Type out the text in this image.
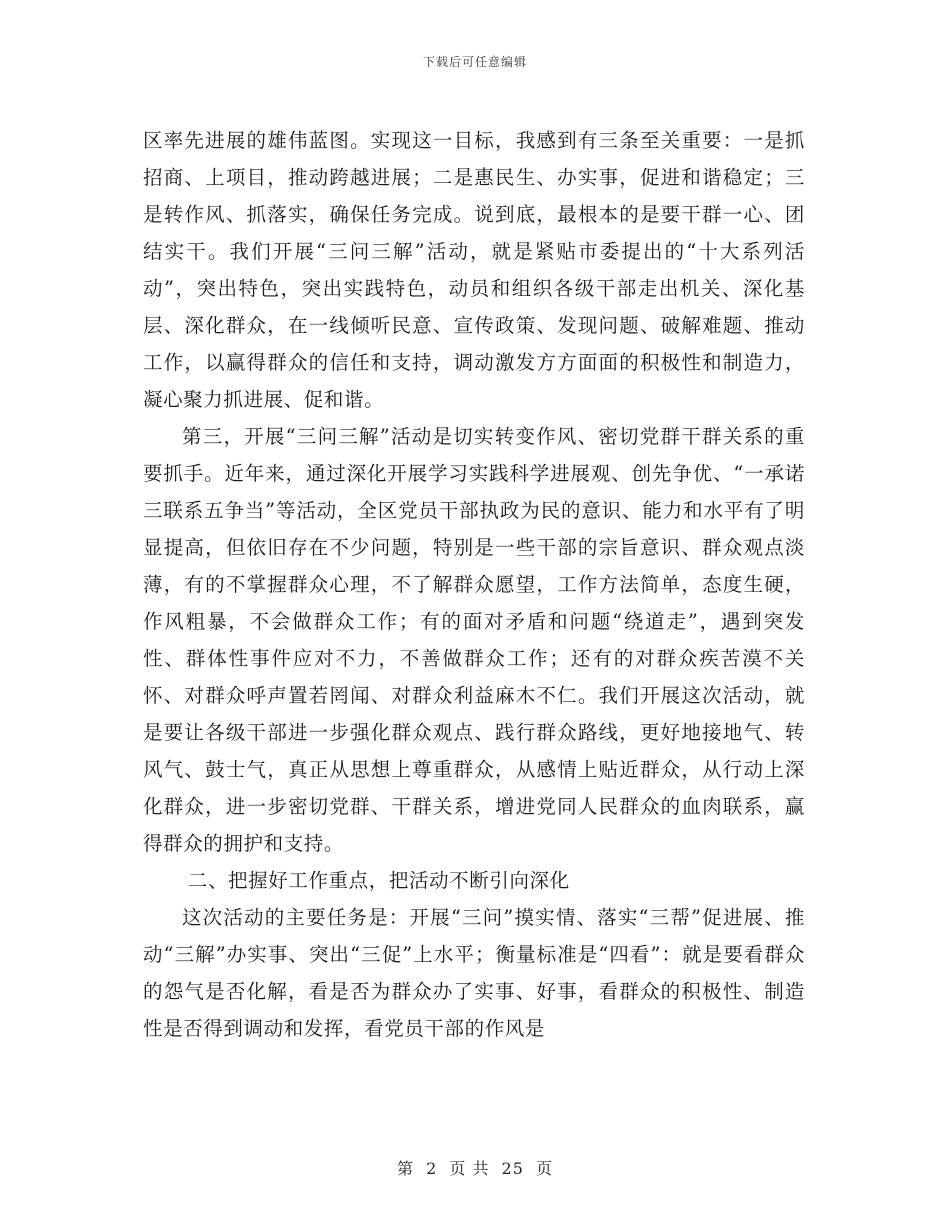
下载后可任意编辑

区率先进展的雄伟蓝图。实现这一目标，我感到有三条至关重要：一是抓招商、上项目，推动跨越进展；二是惠民生、办实事，促进和谐稳定；三是转作风、抓落实，确保任务完成。说到底，最根本的是要干群一心、团结实干。我们开展“三问三解”活动，就是紧贴市委提出的“十大系列活动”，突出特色，突出实践特色，动员和组织各级干部走出机关、深化基层、深化群众，在一线倾听民意、宣传政策、发现问题、破解难题、推动工作，以赢得群众的信任和支持，调动激发方方面面的积极性和制造力，凝心聚力抓进展、促和谐。

第三，开展“三问三解”活动是切实转变作风、密切党群干群关系的重要抓手。近年来，通过深化开展学习实践科学进展观、创先争优、“一承诺三联系五争当”等活动，全区党员干部执政为民的意识、能力和水平有了明显提高，但依旧存在不少问题，特别是一些干部的宗旨意识、群众观点淡薄，有的不掌握群众心理，不了解群众愿望，工作方法简单，态度生硬，作风粗暴，不会做群众工作；有的面对矛盾和问题“绕道走”，遇到突发性、群体性事件应对不力，不善做群众工作；还有的对群众疾苦漠不关怀、对群众呼声置若罔闻、对群众利益麻木不仁。我们开展这次活动，就是要让各级干部进一步强化群众观点、践行群众路线，更好地接地气、转风气、鼓士气，真正从思想上尊重群众，从感情上贴近群众，从行动上深化群众，进一步密切党群、干群关系，增进党同人民群众的血肉联系，赢得群众的拥护和支持。

二、把握好工作重点，把活动不断引向深化

这次活动的主要任务是：开展“三问”摸实情、落实“三帮”促进展、推动“三解”办实事、突出“三促”上水平；衡量标准是“四看”：就是要看群众的怨气是否化解，看是否为群众办了实事、好事，看群众的积极性、制造性是否得到调动和发挥，看党员干部的作风是

第 2 页 共 25 页
